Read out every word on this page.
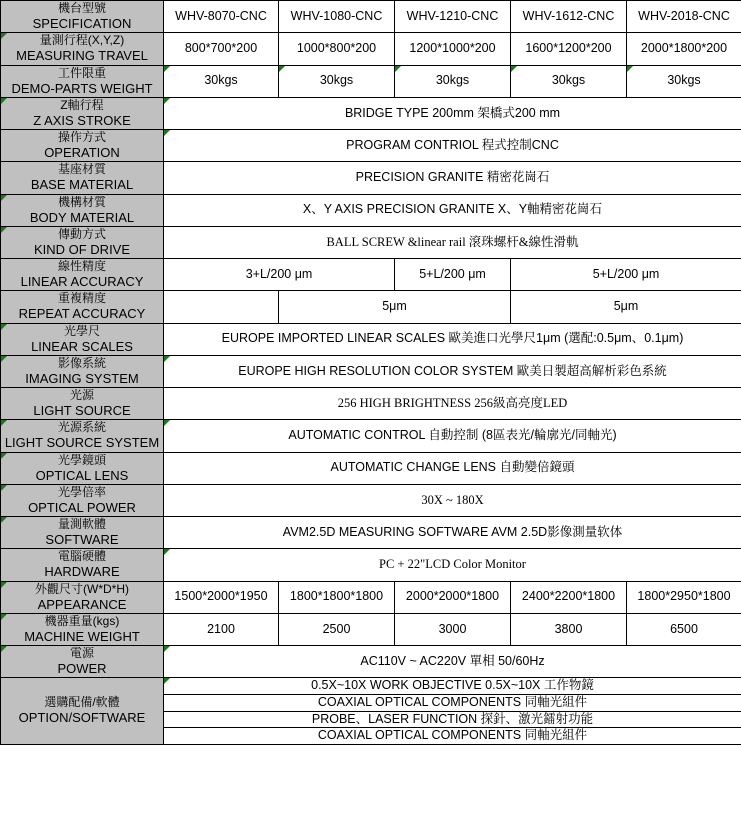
機台型號
SPECIFICATION	WHV-8070-CNC	WHV-1080-CNC	WHV-1210-CNC	WHV-1612-CNC	WHV-2018-CNC

量測行程(X,Y,Z)
MEASURING TRAVEL	800*700*200	1000*800*200	1200*1000*200	1600*1200*200	2000*1800*200

工件限重
DEMO-PARTS WEIGHT	30kgs	30kgs	30kgs	30kgs	30kgs

Z軸行程
Z AXIS STROKE	BRIDGE TYPE 200mm 架橋式200 mm				

操作方式
OPERATION	PROGRAM CONTRIOL 程式控制CNC				

基座材質
BASE MATERIAL	PRECISION GRANITE 精密花崗石				

機構材質
BODY MATERIAL	X、Y AXIS PRECISION GRANITE X、Y軸精密花崗石				

傳動方式
KIND OF DRIVE	BALL SCREW &linear rail 滾珠螺杆&線性滑軌				

線性精度
LINEAR ACCURACY	3+L/200 μm		5+L/200 μm	5+L/200 μm	

重複精度
REPEAT ACCURACY		5μm		5μm	

光學尺
LINEAR SCALES	EUROPE IMPORTED LINEAR SCALES 歐美進口光學尺1μm (選配:0.5μm、0.1μm)				

影像系統
IMAGING SYSTEM	EUROPE HIGH RESOLUTION COLOR SYSTEM 歐美日製超高解析彩色系統				

光源
LIGHT SOURCE	256 HIGH BRIGHTNESS 256級高亮度LED				

光源系統
LIGHT SOURCE SYSTEM	AUTOMATIC CONTROL 自動控制 (8區表光/輪廓光/同軸光)				

光學鏡頭
OPTICAL LENS	AUTOMATIC CHANGE LENS 自動變倍鏡頭				

光學倍率
OPTICAL POWER	30X ~ 180X				

量測軟體
SOFTWARE	AVM2.5D MEASURING SOFTWARE AVM 2.5D影像測量软体				

電腦硬體
HARDWARE	PC + 22"LCD Color Monitor				

外觀尺寸(W*D*H)
APPEARANCE	1500*2000*1950	1800*1800*1800	2000*2000*1800	2400*2200*1800	1800*2950*1800

機器重量(kgs)
MACHINE WEIGHT	2100	2500	3000	3800	6500

電源
POWER	AC110V ~ AC220V 單相 50/60Hz				

選購配備/軟體
OPTION/SOFTWARE	0.5X~10X WORK OBJECTIVE 0.5X~10X 工作物鏡				
	COAXIAL OPTICAL COMPONENTS 同軸光組件				
	PROBE、LASER FUNCTION 探針、激光鐳射功能				
	COAXIAL OPTICAL COMPONENTS 同軸光組件				
